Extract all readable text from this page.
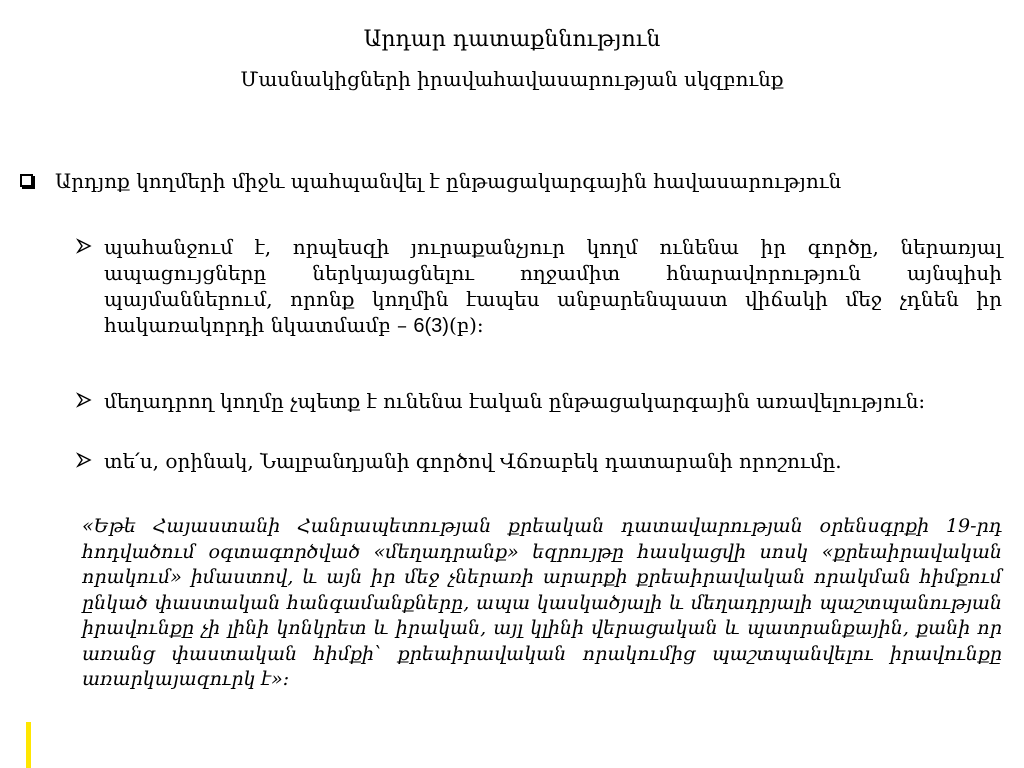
Արդար դատաքննություն
Մասնակիցների իրավահավասարության սկզբունք
Արդյոք կողմերի միջև պահպանվել է ընթացակարգային հավասարություն
պահանջում է, որպեսզի յուրաքանչյուր կողմ ունենա իր գործը, ներառյալ ապացույցները ներկայացնելու ողջամիտ հնարավորություն այնպիսի պայմաններում, որոնք կողմին էապես անբարենպաստ վիճակի մեջ չդնեն իր հակառակորդի նկատմամբ – 6(3)(բ):
մեղադրող կողմը չպետք է ունենա էական ընթացակարգային առավելություն:
տե՛ս, օրինակ, Նալբանդյանի գործով Վճռաբեկ դատարանի որոշումը.
«Եթե Հայաստանի Հանրապետության քրեական դատավարության օրենսգրքի 19-րդ հոդվածում օգտագործված «մեղադրանք» եզրույթը հասկացվի սոսկ «քրեաիրավական որակում» իմաստով, և այն իր մեջ չներառի արարքի քրեաիրավական որակման հիմքում ընկած փաստական հանգամանքները, ապա կասկածյալի և մեղադրյալի պաշտպանության իրավունքը չի լինի կոնկրետ և իրական, այլ կլինի վերացական և պատրանքային, քանի որ առանց փաստական հիմքի՝ քրեաիրավական որակումից պաշտպանվելու իրավունքը առարկայազուրկ է»:
